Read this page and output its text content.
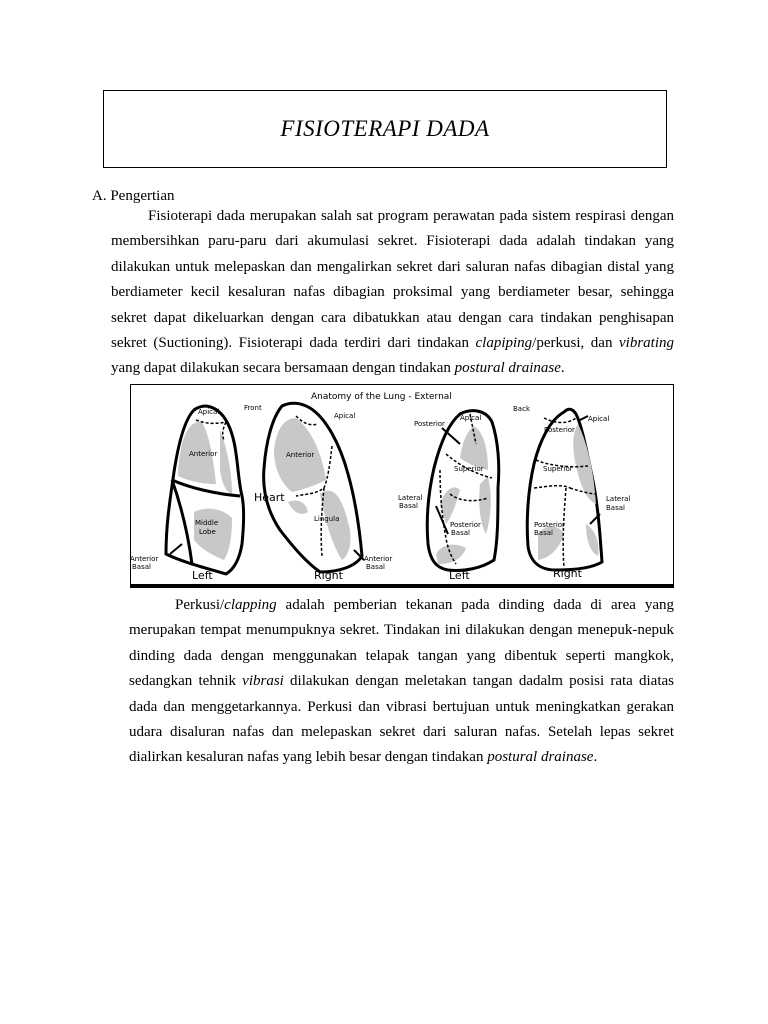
FISIOTERAPI DADA
A. Pengertian

Fisioterapi dada merupakan salah sat program perawatan pada sistem respirasi dengan membersihkan paru-paru dari akumulasi sekret. Fisioterapi dada adalah tindakan yang dilakukan untuk melepaskan dan mengalirkan sekret dari saluran nafas dibagian distal yang berdiameter kecil kesaluran nafas dibagian proksimal yang berdiameter besar, sehingga sekret dapat dikeluarkan dengan cara dibatukkan atau dengan cara tindakan penghisapan sekret (Suctioning). Fisioterapi dada terdiri dari tindakan clapiping/perkusi, dan vibrating yang dapat dilakukan secara bersamaan dengan tindakan postural drainase.

Anatomy of the Lung - External
Front	Back
Apical
Anterior
Middle
Lobe
Anterior
Basal
Left
Apical
Anterior
Heart
Lingula
Anterior
Basal
Right
Apical
Posterior
Superior
Lateral
Basal
Posterior
Basal
Left
Apical
Posterior
Superior
Lateral
Basal
Posterior
Basal
Right

Perkusi/clapping adalah pemberian tekanan pada dinding dada di area yang merupakan tempat menumpuknya sekret. Tindakan ini dilakukan dengan menepuk-nepuk dinding dada dengan menggunakan telapak tangan yang dibentuk seperti mangkok, sedangkan tehnik vibrasi dilakukan dengan meletakan tangan dadalm posisi rata diatas dada dan menggetarkannya. Perkusi dan vibrasi bertujuan untuk meningkatkan gerakan udara disaluran nafas dan melepaskan sekret dari saluran nafas. Setelah lepas sekret dialirkan kesaluran nafas yang lebih besar dengan tindakan postural drainase.
